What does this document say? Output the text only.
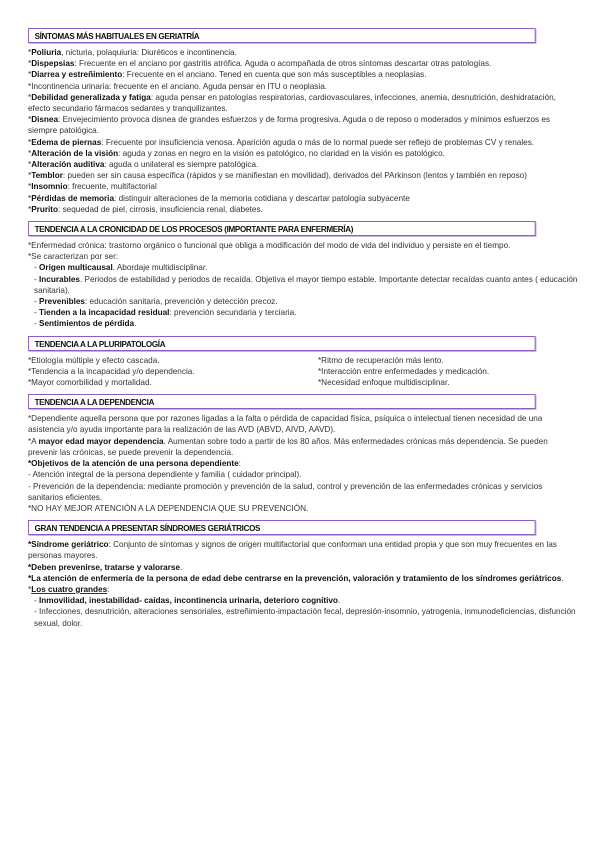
SÍNTOMAS MÁS HABITUALES EN GERIATRÍA

*Poliuria, nicturia, polaquiuria: Diuréticos e incontinencia.

*Dispepsias: Frecuente en el anciano por gastritis atrófica. Aguda o acompañada de otros síntomas descartar otras patologías.

*Diarrea y estreñimiento: Frecuente en el anciano. Tened en cuenta que son más susceptibles a neoplasias.

*Incontinencia urinaria: frecuente en el anciano. Aguda pensar en ITU o neoplasia.

*Debilidad generalizada y fatiga: aguda pensar en patologías respiratorias, cardiovasculares, infecciones, anemia, desnutrición, deshidratación, efecto secundario fármacos sedantes y tranquilizantes.

*Disnea: Envejecimiento provoca disnea de grandes esfuerzos y de forma progresiva. Aguda o de reposo o moderados y mínimos esfuerzos es siempre patológica.

*Edema de piernas: Frecuente por insuficiencia venosa. Aparición aguda o más de lo normal puede ser reflejo de problemas CV y renales.

*Alteración de la visión: aguda y zonas en negro en la visión es patológico, no claridad en la visión es patológico.

*Alteración auditiva: aguda o unilateral es siempre patológica.

*Temblor: pueden ser sin causa específica (rápidos y se manifiestan en movilidad), derivados del PArkinson (lentos y también en reposo)

*Insomnio: frecuente, multifactorial

*Pérdidas de memoria: distinguir alteraciones de la memoria cotidiana y descartar patología subyacente

*Prurito: sequedad de piel, cirrosis, insuficiencia renal, diabetes.

TENDENCIA A LA CRONICIDAD DE LOS PROCESOS (IMPORTANTE PARA ENFERMERÍA)

*Enfermedad crónica: trastorno orgánico o funcional que obliga a modificación del modo de vida del individuo y persiste en el tiempo.

*Se caracterizan por ser:

- Origen multicausal. Abordaje multidisciplinar.

- Incurables. Periodos de estabilidad y periodos de recaída. Objetiva el mayor tiempo estable. Importante detectar recaídas cuanto antes ( educación sanitaria).

- Prevenibles: educación sanitaria, prevención y detección precoz.

- Tienden a la incapacidad residual: prevención secundaria y terciaria.

- Sentimientos de pérdida.

TENDENCIA A LA PLURIPATOLOGÍA

*Etiología múltiple y efecto cascada.

*Tendencia a la incapacidad y/o dependencia.

*Mayor comorbilidad y mortalidad.

*Ritmo de recuperación más lento.

*Interacción entre enfermedades y medicación.

*Necesidad enfoque multidisciplinar.

TENDENCIA A LA DEPENDENCIA

*Dependiente aquella persona que por razones ligadas a la falta o pérdida de capacidad física, psíquica o intelectual tienen necesidad de una asistencia y/o ayuda importante para la realización de las AVD (ABVD, AIVD, AAVD).

*A mayor edad mayor dependencia. Aumentan sobre todo a partir de los 80 años. Más enfermedades crónicas más dependencia. Se pueden prevenir las crónicas, se puede prevenir la dependencia.

*Objetivos de la atención de una persona dependiente:

- Atención integral de la persona dependiente y familia ( cuidador principal).

- Prevención de la dependencia: mediante promoción y prevención de la salud, control y prevención de las enfermedades crónicas y servicios sanitarios eficientes.

*NO HAY MEJOR ATENCIÓN A LA DEPENDENCIA QUE SU PREVENCIÓN.

GRAN TENDENCIA A PRESENTAR SÍNDROMES GERIÁTRICOS

*Síndrome geriátrico: Conjunto de síntomas y signos de origen multifactorial que conforman una entidad propia y que son muy frecuentes en las personas mayores.

*Deben prevenirse, tratarse y valorarse.

*La atención de enfermería de la persona de edad debe centrarse en la prevención, valoración y tratamiento de los síndromes geriátricos.

*Los cuatro grandes:

- Inmovilidad, inestabilidad- caídas, incontinencia urinaria, deterioro cognitivo.

- Infecciones, desnutrición, alteraciones sensoriales, estreñimiento-impactación fecal, depresión-insomnio, yatrogenia, inmunodeficiencias, disfunción sexual, dolor.
